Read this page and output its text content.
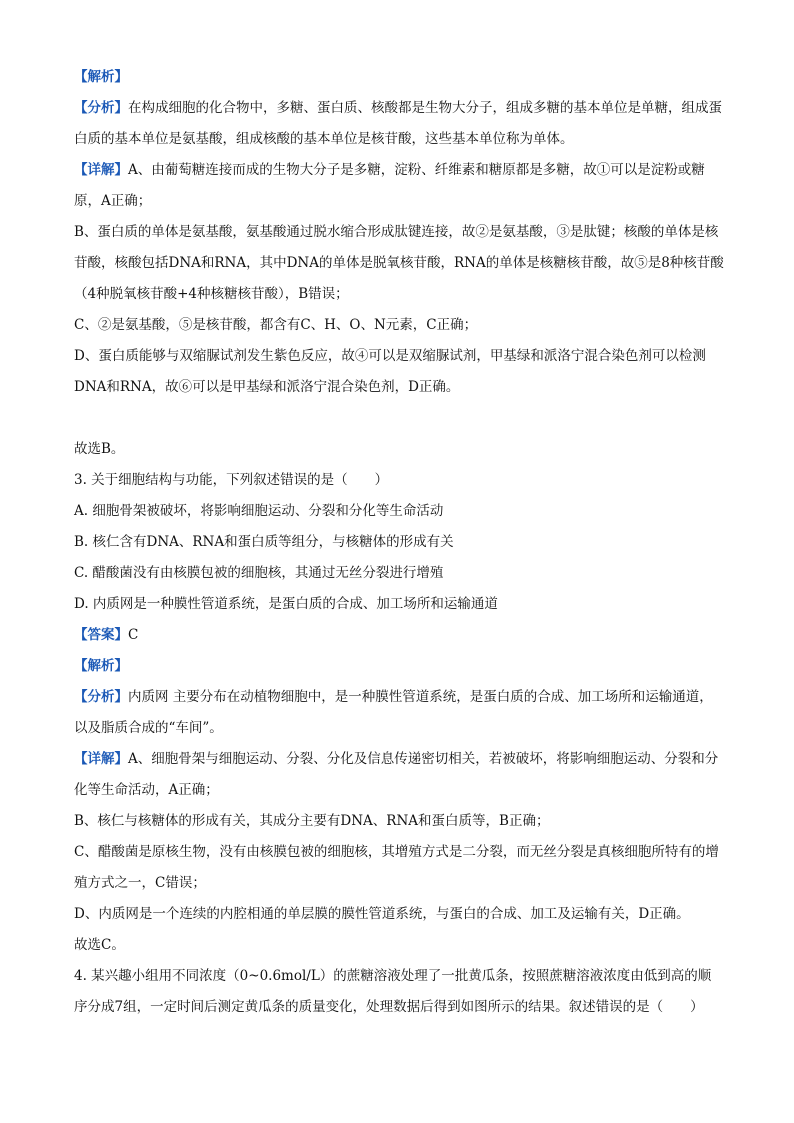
【解析】

【分析】在构成细胞的化合物中，多糖、蛋白质、核酸都是生物大分子，组成多糖的基本单位是单糖，组成蛋白质的基本单位是氨基酸，组成核酸的基本单位是核苷酸，这些基本单位称为单体。

【详解】A、由葡萄糖连接而成的生物大分子是多糖，淀粉、纤维素和糖原都是多糖，故①可以是淀粉或糖原，A正确；

B、蛋白质的单体是氨基酸，氨基酸通过脱水缩合形成肽键连接，故②是氨基酸，③是肽键；核酸的单体是核苷酸，核酸包括DNA和RNA，其中DNA的单体是脱氧核苷酸，RNA的单体是核糖核苷酸，故⑤是8种核苷酸（4种脱氧核苷酸+4种核糖核苷酸），B错误；

C、②是氨基酸，⑤是核苷酸，都含有C、H、O、N元素，C正确；

D、蛋白质能够与双缩脲试剂发生紫色反应，故④可以是双缩脲试剂，甲基绿和派洛宁混合染色剂可以检测DNA和RNA，故⑥可以是甲基绿和派洛宁混合染色剂，D正确。

故选B。

3. 关于细胞结构与功能，下列叙述错误的是（　　）

A. 细胞骨架被破坏，将影响细胞运动、分裂和分化等生命活动

B. 核仁含有DNA、RNA和蛋白质等组分，与核糖体的形成有关

C. 醋酸菌没有由核膜包被的细胞核，其通过无丝分裂进行增殖

D. 内质网是一种膜性管道系统，是蛋白质的合成、加工场所和运输通道

【答案】C

【解析】

【分析】内质网 主要分布在动植物细胞中，是一种膜性管道系统，是蛋白质的合成、加工场所和运输通道，以及脂质合成的“车间”。

【详解】A、细胞骨架与细胞运动、分裂、分化及信息传递密切相关，若被破坏，将影响细胞运动、分裂和分化等生命活动，A正确；

B、核仁与核糖体的形成有关，其成分主要有DNA、RNA和蛋白质等，B正确；

C、醋酸菌是原核生物，没有由核膜包被的细胞核，其增殖方式是二分裂，而无丝分裂是真核细胞所特有的增殖方式之一，C错误；

D、内质网是一个连续的内腔相通的单层膜的膜性管道系统，与蛋白的合成、加工及运输有关，D正确。

故选C。

4. 某兴趣小组用不同浓度（0~0.6mol/L）的蔗糖溶液处理了一批黄瓜条，按照蔗糖溶液浓度由低到高的顺序分成7组，一定时间后测定黄瓜条的质量变化，处理数据后得到如图所示的结果。叙述错误的是（　　）
